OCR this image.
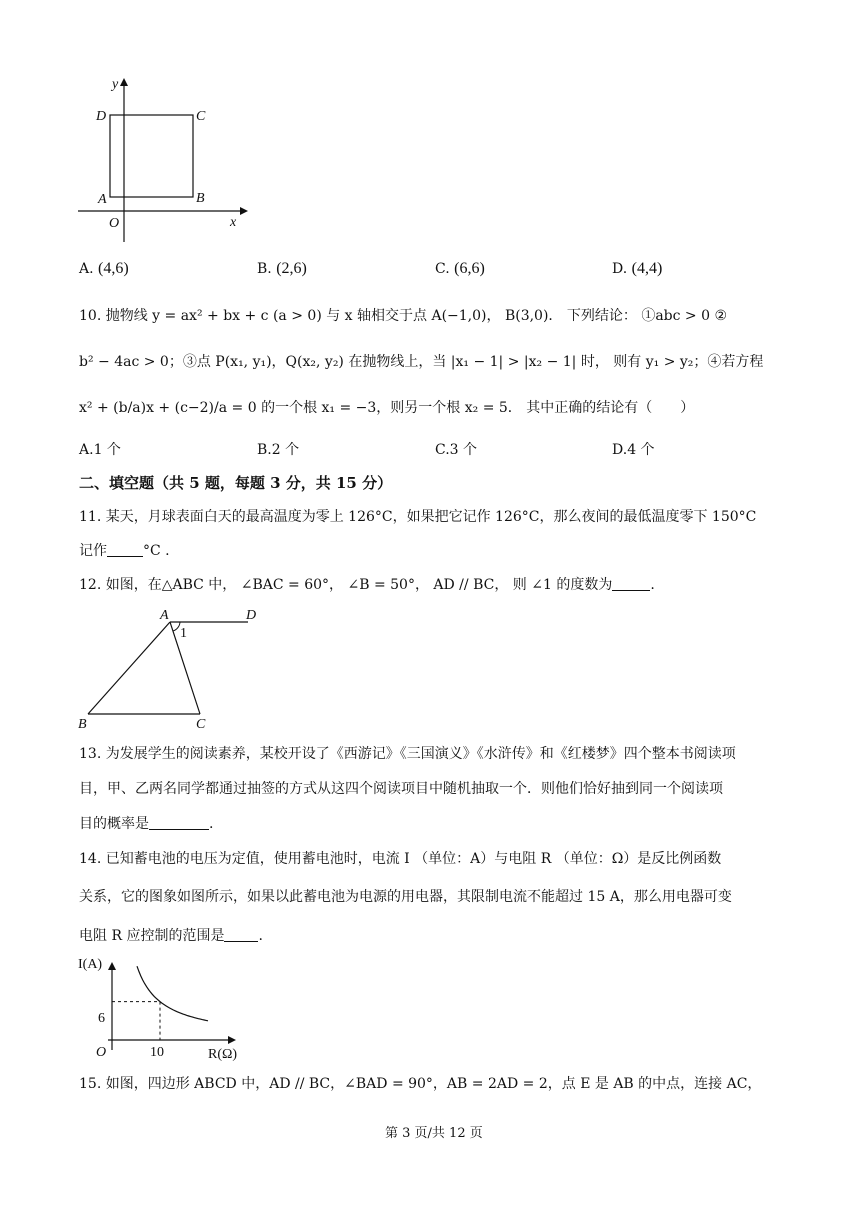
y
x
O
A	B
C
D
A. (4,6)	B. (2,6)	C. (6,6)	D. (4,4)
10. 抛物线 y = ax² + bx + c (a > 0) 与 x 轴相交于点 A(−1,0)， B(3,0)． 下列结论： ①abc > 0 ②
b² − 4ac > 0；③点 P(x₁, y₁)，Q(x₂, y₂) 在抛物线上，当 |x₁ − 1| > |x₂ − 1| 时， 则有 y₁ > y₂；④若方程
x² + (b/a)x + (c−2)/a = 0 的一个根 x₁ = −3，则另一个根 x₂ = 5． 其中正确的结论有（　　）
A.1 个	B.2 个	C.3 个	D.4 个
二、填空题（共 5 题，每题 3 分，共 15 分）
11. 某天，月球表面白天的最高温度为零上 126°C，如果把它记作 126°C，那么夜间的最低温度零下 150°C
记作	°C .
12. 如图，在△ABC 中， ∠BAC = 60°， ∠B = 50°， AD // BC， 则 ∠1 的度数为	.
A	D
B	C
1
13. 为发展学生的阅读素养，某校开设了《西游记》《三国演义》《水浒传》和《红楼梦》四个整本书阅读项
目，甲、乙两名同学都通过抽签的方式从这四个阅读项目中随机抽取一个．则他们恰好抽到同一个阅读项
目的概率是	.
14. 已知蓄电池的电压为定值，使用蓄电池时，电流 I （单位：A）与电阻 R （单位：Ω）是反比例函数
关系，它的图象如图所示，如果以此蓄电池为电源的用电器，其限制电流不能超过 15 A，那么用电器可变
电阻 R 应控制的范围是 .
I(A)
R(Ω)
O
6
10
15. 如图，四边形 ABCD 中，AD // BC，∠BAD = 90°，AB = 2AD = 2，点 E 是 AB 的中点，连接 AC，
第 3 页/共 12 页
